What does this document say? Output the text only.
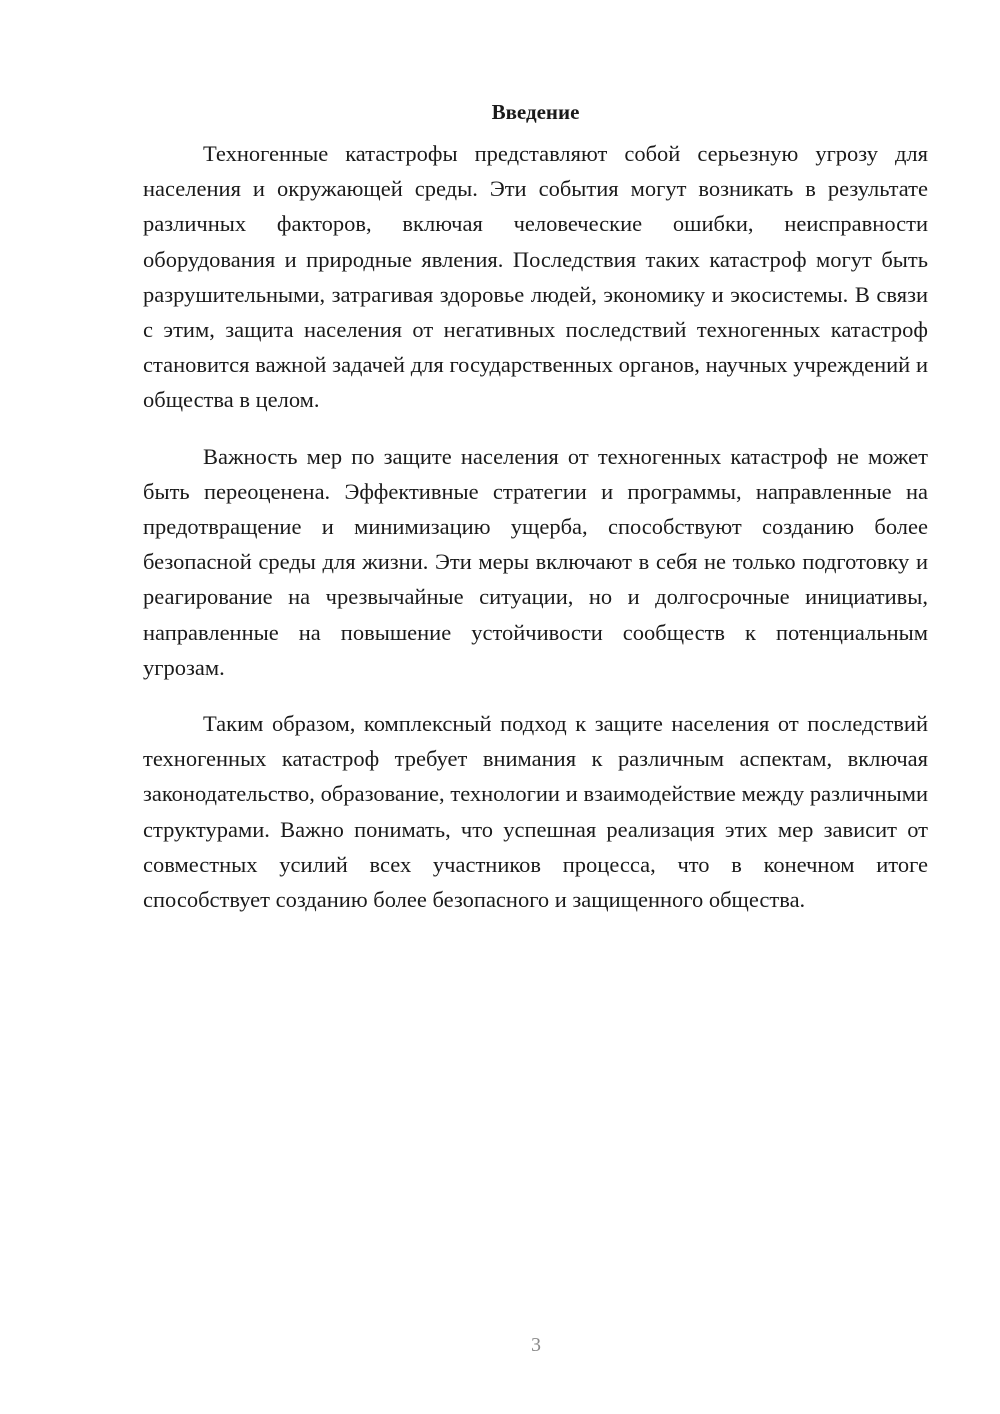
Введение

Техногенные катастрофы представляют собой серьезную угрозу для населения и окружающей среды. Эти события могут возникать в результате различных факторов, включая человеческие ошибки, неисправности оборудования и природные явления. Последствия таких катастроф могут быть разрушительными, затрагивая здоровье людей, экономику и экосистемы. В связи с этим, защита населения от негативных последствий техногенных катастроф становится важной задачей для государственных органов, научных учреждений и общества в целом.

Важность мер по защите населения от техногенных катастроф не может быть переоценена. Эффективные стратегии и программы, направленные на предотвращение и минимизацию ущерба, способствуют созданию более безопасной среды для жизни. Эти меры включают в себя не только подготовку и реагирование на чрезвычайные ситуации, но и долгосрочные инициативы, направленные на повышение устойчивости сообществ к потенциальным угрозам.

Таким образом, комплексный подход к защите населения от последствий техногенных катастроф требует внимания к различным аспектам, включая законодательство, образование, технологии и взаимодействие между различными структурами. Важно понимать, что успешная реализация этих мер зависит от совместных усилий всех участников процесса, что в конечном итоге способствует созданию более безопасного и защищенного общества.

3
